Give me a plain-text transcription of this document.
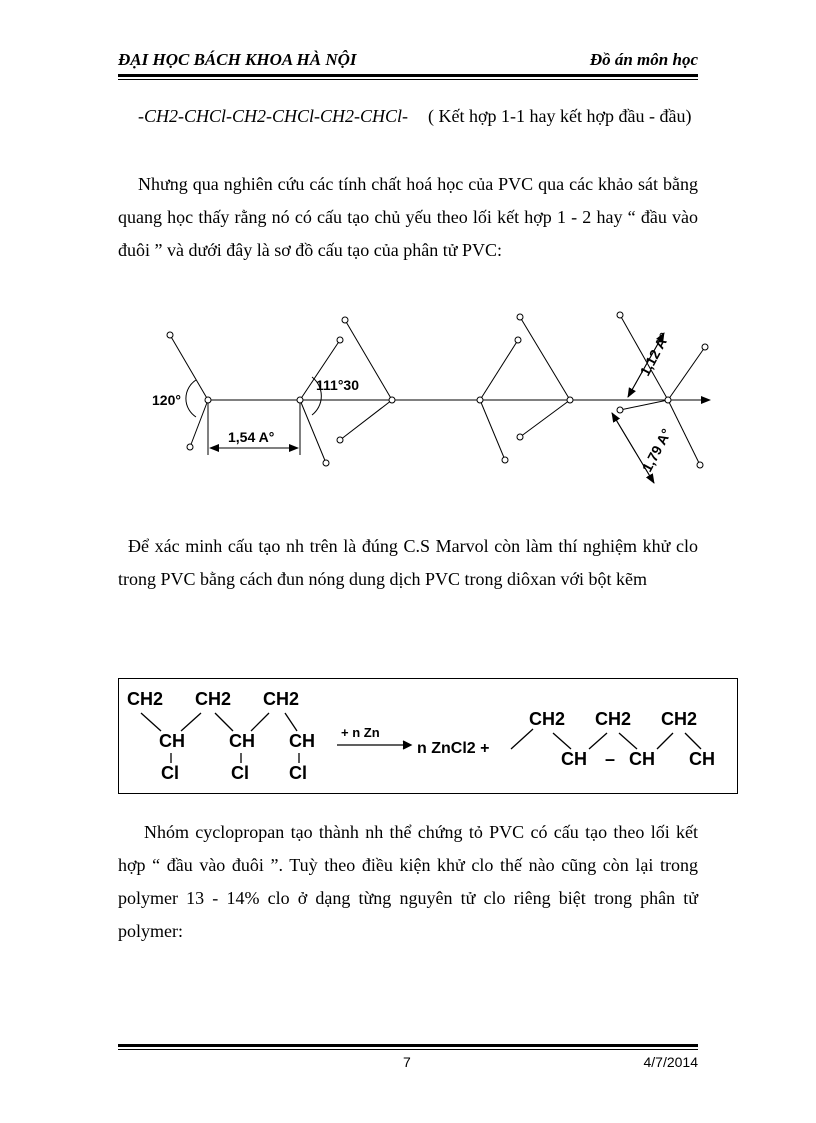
ĐẠI HỌC BÁCH KHOA HÀ NỘI	Đồ án môn học
-CH2-CHCl-CH2-CHCl-CH2-CHCl- ( Kết hợp 1-1 hay kết hợp đầu - đầu)
Nhưng qua nghiên cứu các tính chất hoá học của PVC qua các khảo sát bằng quang học thấy rằng nó có cấu tạo chủ yếu theo lối kết hợp 1 - 2 hay “ đầu vào đuôi ” và dưới đây là sơ đồ cấu tạo của phân tử PVC:
120°
111°30
1,54 A°
1,12 A°
1,79 A°
Để xác minh cấu tạo nh trên là đúng C.S Marvol còn làm thí nghiệm khử clo trong PVC bằng cách đun nóng dung dịch PVC trong diôxan với bột kẽm
CH2 CH2 CH2
CH CH CH
Cl	Cl Cl
n ZnCl2 +
CH2 CH2 CH2
CH – CH CH
+ n Zn
Nhóm cyclopropan tạo thành nh thể chứng tỏ PVC có cấu tạo theo lối kết hợp “ đầu vào đuôi ”. Tuỳ theo điều kiện khử clo thế nào cũng còn lại trong polymer 13 - 14% clo ở dạng từng nguyên tử clo riêng biệt trong phân tử polymer:
7	4/7/2014
